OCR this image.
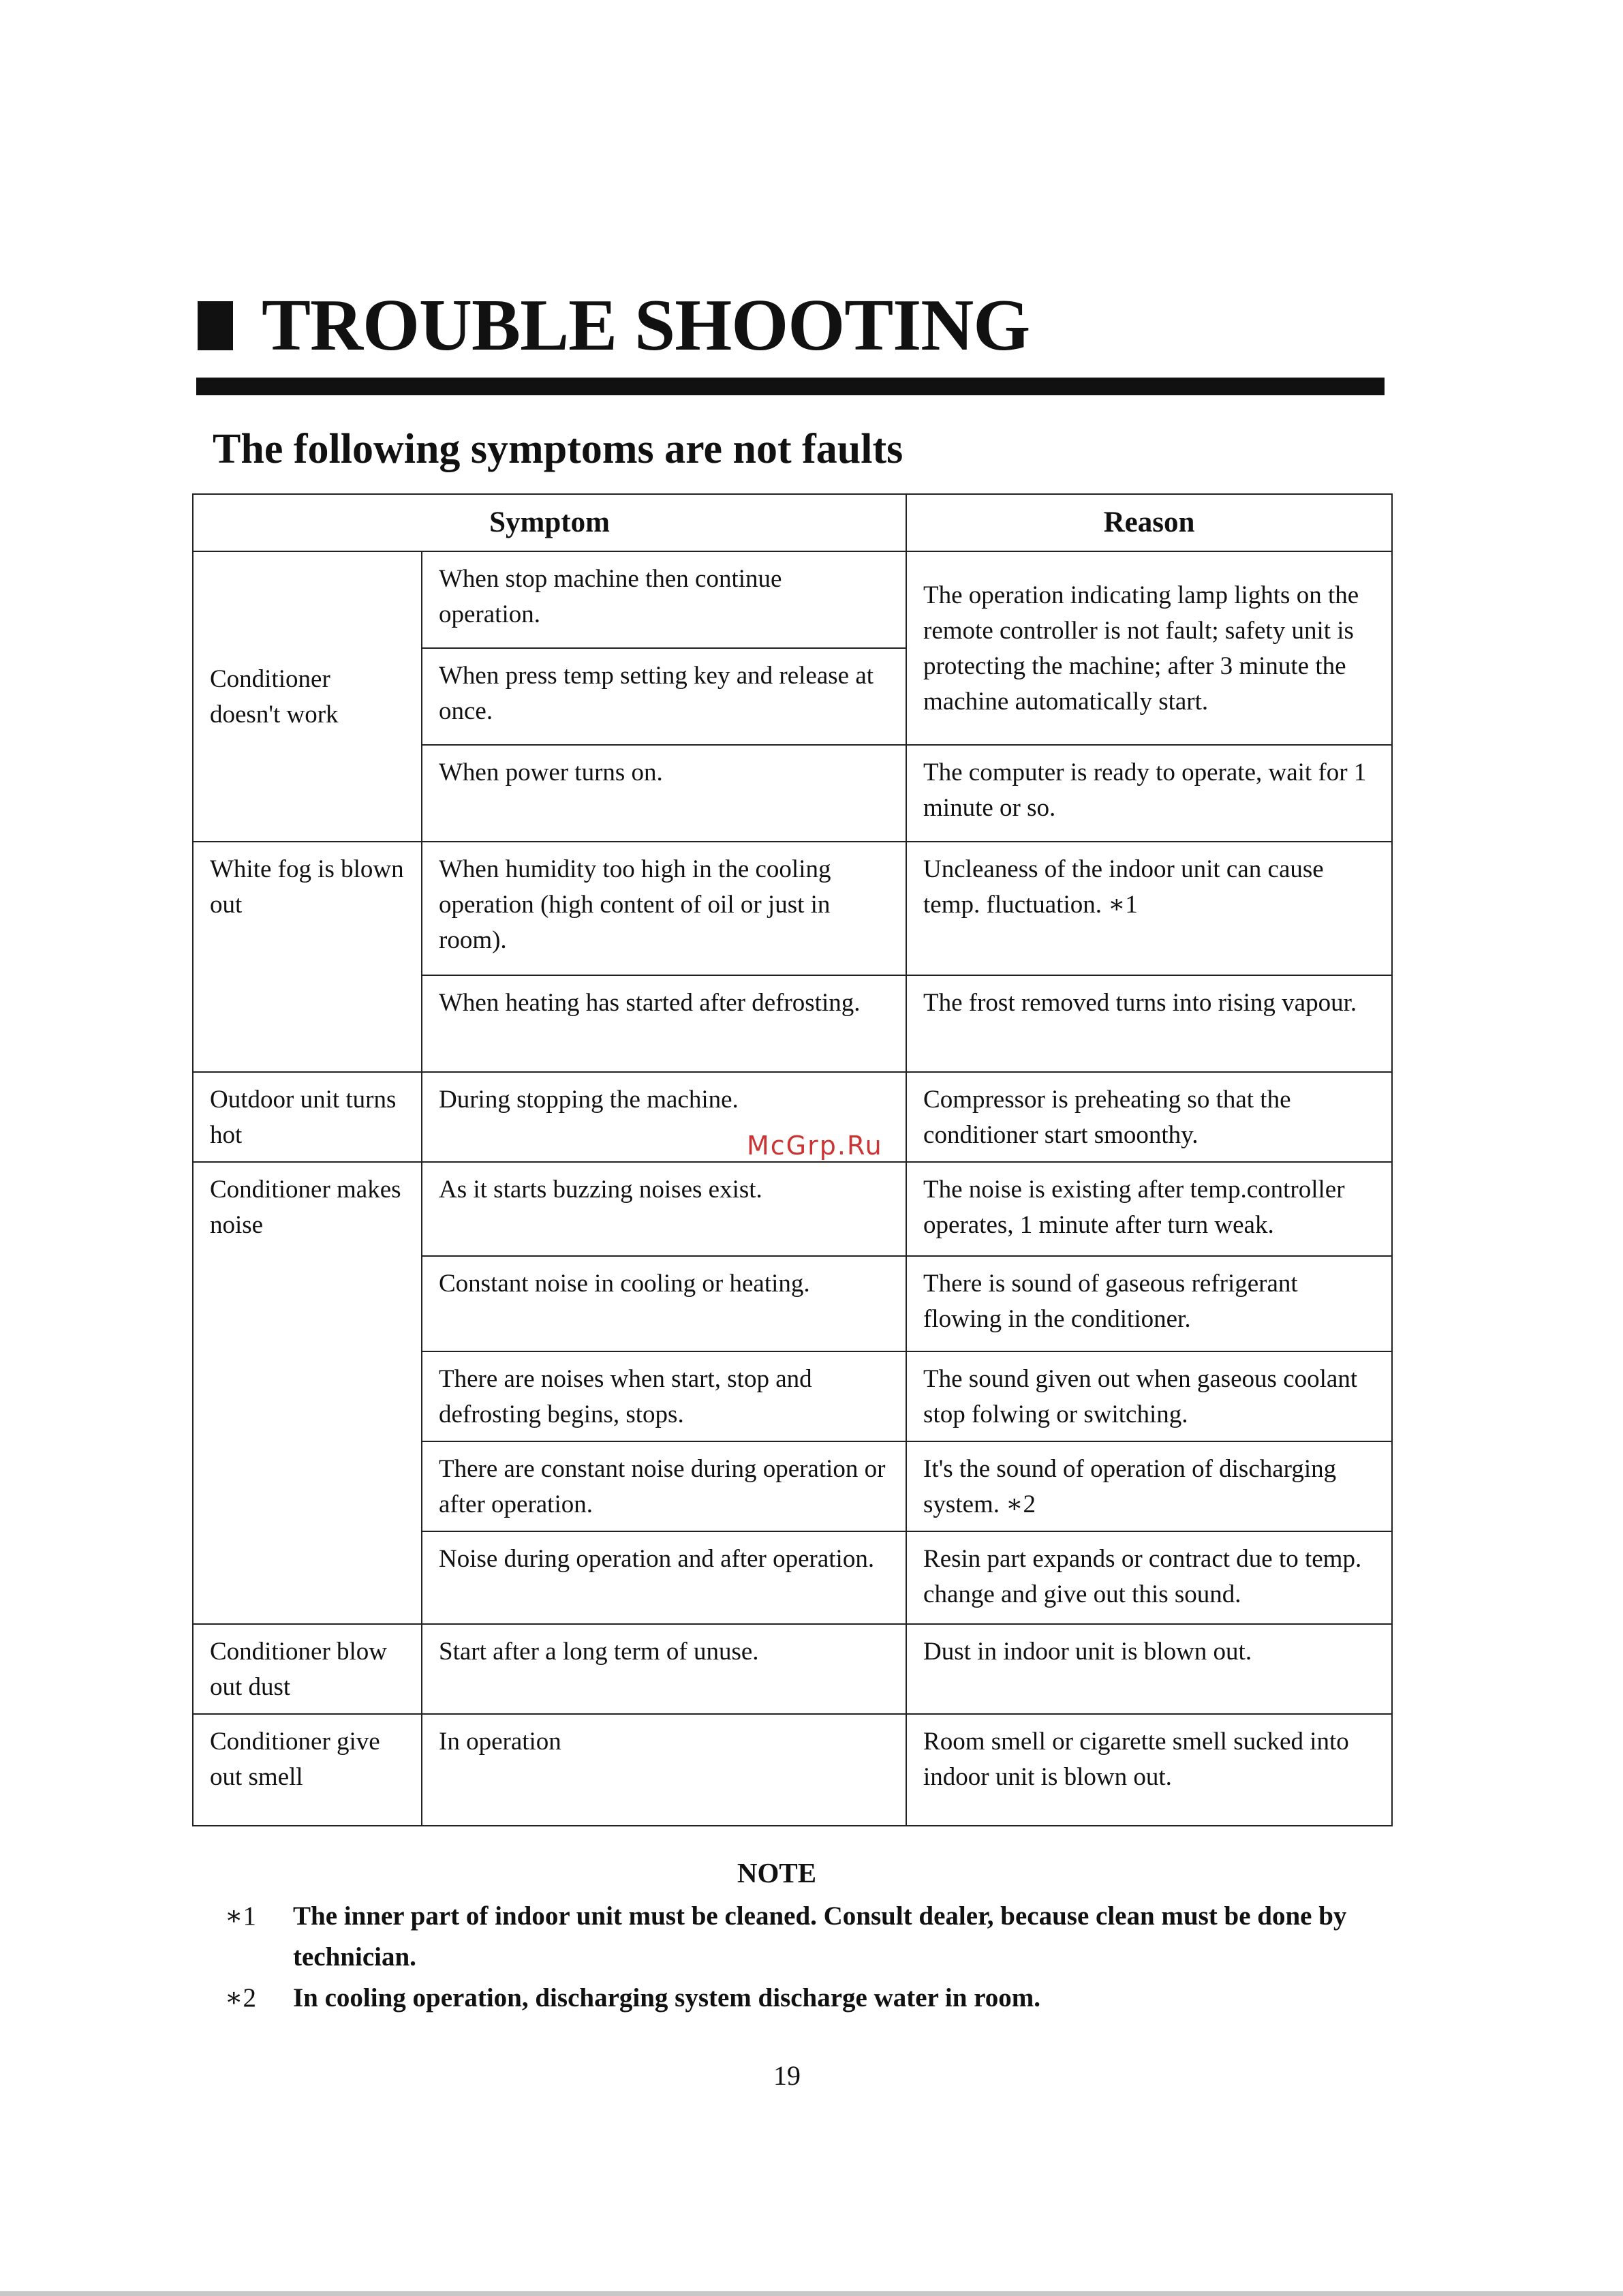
TROUBLE SHOOTING
The following symptoms are not faults
Symptom		Reason
Conditioner doesn't work	When stop machine then continue operation.	The operation indicating lamp lights on the remote controller is not fault; safety unit is protecting the machine; after 3 minute the machine automatically start.
	When press temp setting key and release at once.	
	When power turns on.	The computer is ready to operate, wait for 1 minute or so.
White fog is blown out	When humidity too high in the cooling operation (high content of oil or just in room).	Uncleaness of the indoor unit can cause temp. fluctuation. ∗1
	When heating has started after defrosting.	The frost removed turns into rising vapour.
Outdoor unit turns hot	During stopping the machine.	Compressor is preheating so that the conditioner start smoonthy.
Conditioner makes noise	As it starts buzzing noises exist.	The noise is existing after temp.controller operates, 1 minute after turn weak.
	Constant noise in cooling or heating.	There is sound of gaseous refrigerant flowing in the conditioner.
	There are noises when start, stop and defrosting begins, stops.	The sound given out when gaseous coolant stop folwing or switching.
	There are constant noise during operation or after operation.	It's the sound of operation of discharging system. ∗2
	Noise during operation and after operation.	Resin part expands or contract due to temp. change and give out this sound.
Conditioner blow out dust	Start after a long term of unuse.	Dust in indoor unit is blown out.
Conditioner give out smell	In operation	Room smell or cigarette smell sucked into indoor unit is blown out.
McGrp.Ru
NOTE
∗1	The inner part of indoor unit must be cleaned. Consult dealer, because clean must be done by technician.
∗2	In cooling operation, discharging system discharge water in room.
19
